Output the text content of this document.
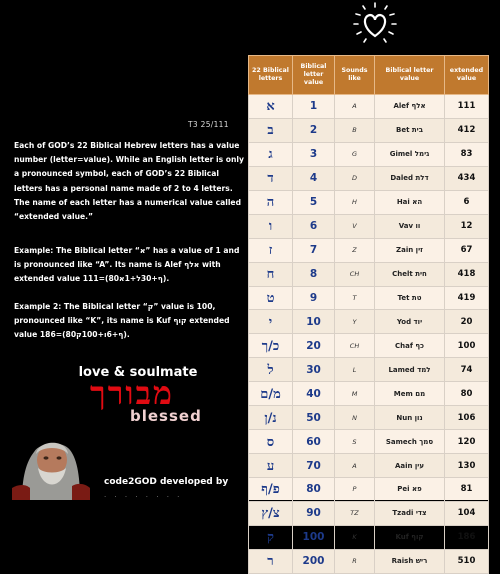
T3 25/111

Each of GOD’s 22 Biblical Hebrew letters has a value number (letter=value). While an English letter is only a pronounced symbol, each of GOD’s 22 Biblical letters has a personal name made of 2 to 4 letters. The name of each letter has a numerical value called “extended value.”

Example: The Biblical letter “א” has a value of 1 and is pronounced like “A”. Its name is Alef אלף with extended value 111=(80ף+30ל+1א).

Example 2: The Biblical letter “ק” value is 100, pronounced like “K”, its name is Kuf קוף extended value 186=(80ף+6ו+100ק).

love & soulmate
מבורך
blessed
code2GOD developed by
· · · · · · · ·
22 Biblical letters	Biblical letter value	Sounds like	Biblical letter value	extended value
א	1	A	Alef אלף	111
ב	2	B	Bet בית	412
ג	3	G	Gimel גימל	83
ד	4	D	Daled דלת	434
ה	5	H	Hai הא	6
ו	6	V	Vav וו	12
ז	7	Z	Zain זין	67
ח	8	CH	Chelt חית	418
ט	9	T	Tet טת	419
י	10	Y	Yod יוד	20
כ/ך	20	CH	Chaf כף	100
ל	30	L	Lamed למד	74
מ/ם	40	M	Mem מם	80
נ/ן	50	N	Nun נון	106
ס	60	S	Samech סמך	120
ע	70	A	Aain עין	130
פ/ף	80	P	Pei פא	81
צ/ץ	90	TZ	Tzadi צדי	104
ק	100	K	Kuf קוף	186
ר	200	R	Raish ריש	510
